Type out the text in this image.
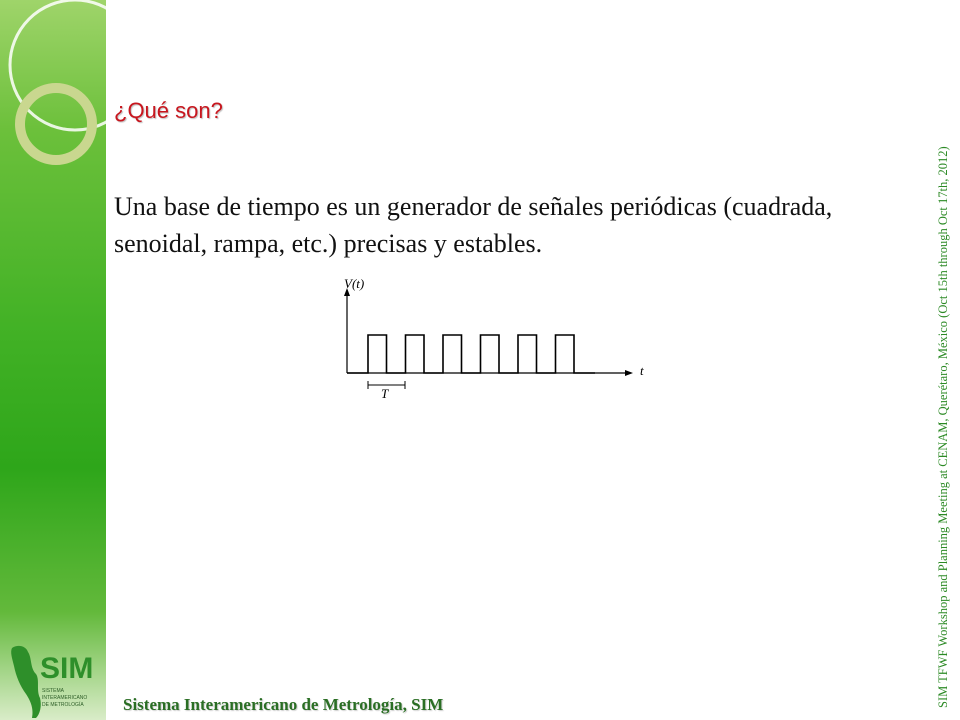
¿Qué son?
Una base de tiempo es un generador de señales periódicas (cuadrada, senoidal, rampa, etc.) precisas y estables.
V(t)
t
T	SIM TFWF Workshop and Planning Meeting at CENAM, Querétaro, México (Oct 15th through Oct 17th, 2012)
SIM
SISTEMA
INTERAMERICANO
DE METROLOGÍA Sistema Interamericano de Metrología, SIM
